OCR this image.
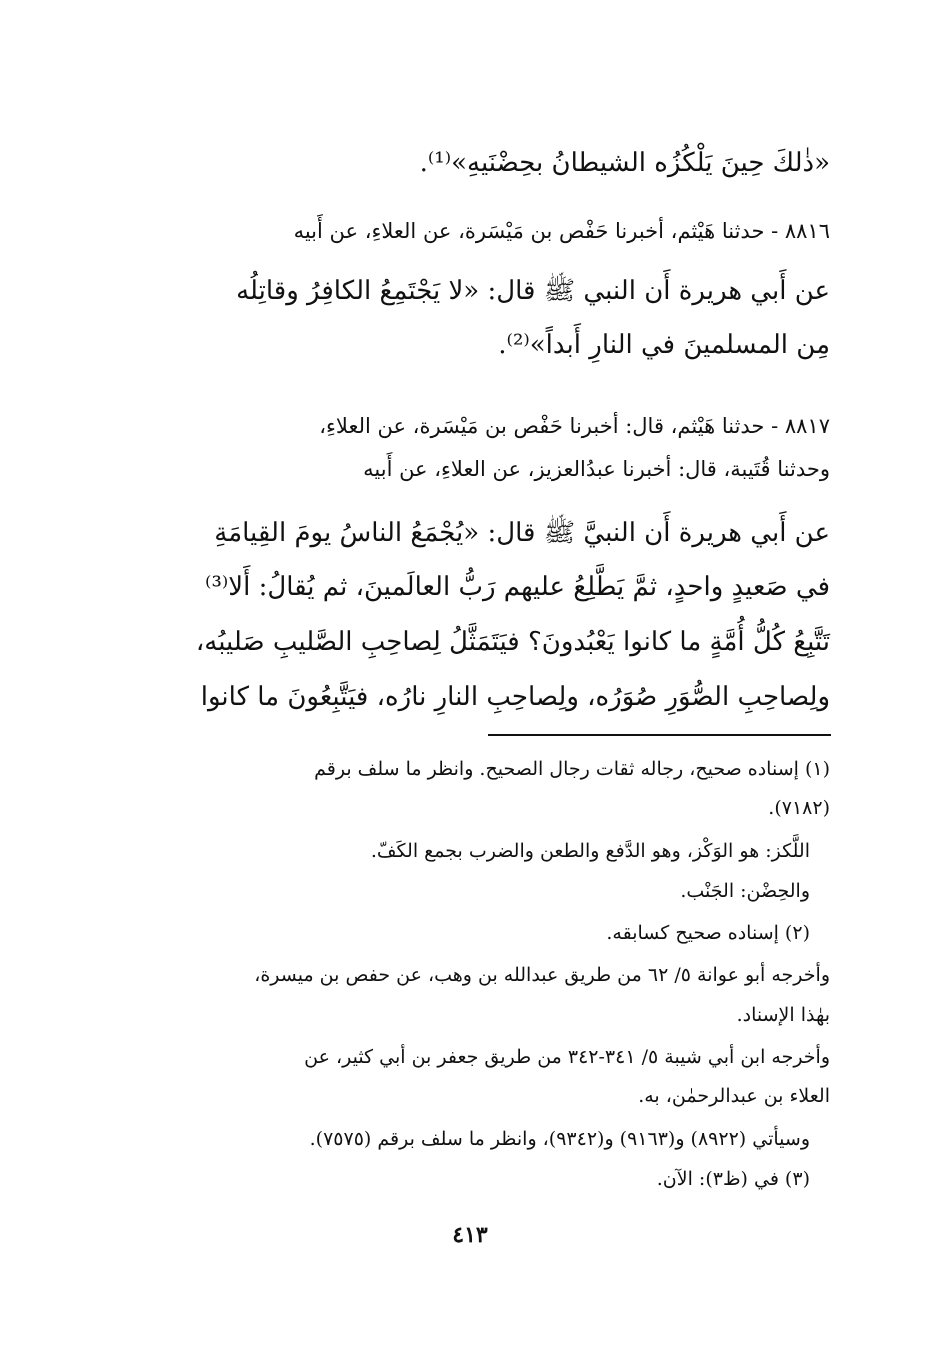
«ذٰلكَ حِينَ يَلْكُزُه الشيطانُ بحِضْنَيهِ»⁽¹⁾.

٨٨١٦ - حدثنا هَيْثم، أخبرنا حَفْص بن مَيْسَرة، عن العلاءِ، عن أَبيه

عن أَبي هريرة أَن النبي ﷺ قال: «لا يَجْتَمِعُ الكافِرُ وقاتِلُه

مِن المسلمينَ في النارِ أَبداً»⁽²⁾.

٨٨١٧ - حدثنا هَيْثم، قال: أخبرنا حَفْص بن مَيْسَرة، عن العلاءِ،

وحدثنا قُتَيبة، قال: أخبرنا عبدُالعزيز، عن العلاءِ، عن أَبيه

عن أَبي هريرة أَن النبيَّ ﷺ قال: «يُجْمَعُ الناسُ يومَ القِيامَةِ

في صَعيدٍ واحدٍ، ثمَّ يَطَّلِعُ عليهم رَبُّ العالَمينَ، ثم يُقالُ: أَلا⁽³⁾

تَتَّبِعُ كُلُّ أُمَّةٍ ما كانوا يَعْبُدونَ؟ فيَتَمَثَّلُ لِصاحِبِ الصَّليبِ صَليبُه،

ولِصاحِبِ الصُّوَرِ صُوَرُه، ولِصاحِبِ النارِ نارُه، فيَتَّبِعُونَ ما كانوا

(١) إسناده صحيح، رجاله ثقات رجال الصحيح. وانظر ما سلف برقم

(٧١٨٢).

اللَّكز: هو الوَكْز، وهو الدَّفع والطعن والضرب بجمع الكَفّ.

والحِضْن: الجَنْب.

(٢) إسناده صحيح كسابقه.

وأخرجه أبو عوانة ٥/ ٦٢ من طريق عبدالله بن وهب، عن حفص بن ميسرة،

بهٰذا الإسناد.

وأخرجه ابن أبي شيبة ٥/ ٣٤١-٣٤٢ من طريق جعفر بن أبي كثير، عن

العلاء بن عبدالرحمٰن، به.

وسيأتي (٨٩٢٢) و(٩١٦٣) و(٩٣٤٢)، وانظر ما سلف برقم (٧٥٧٥).

(٣) في (ظ٣): الآن.

٤١٣
